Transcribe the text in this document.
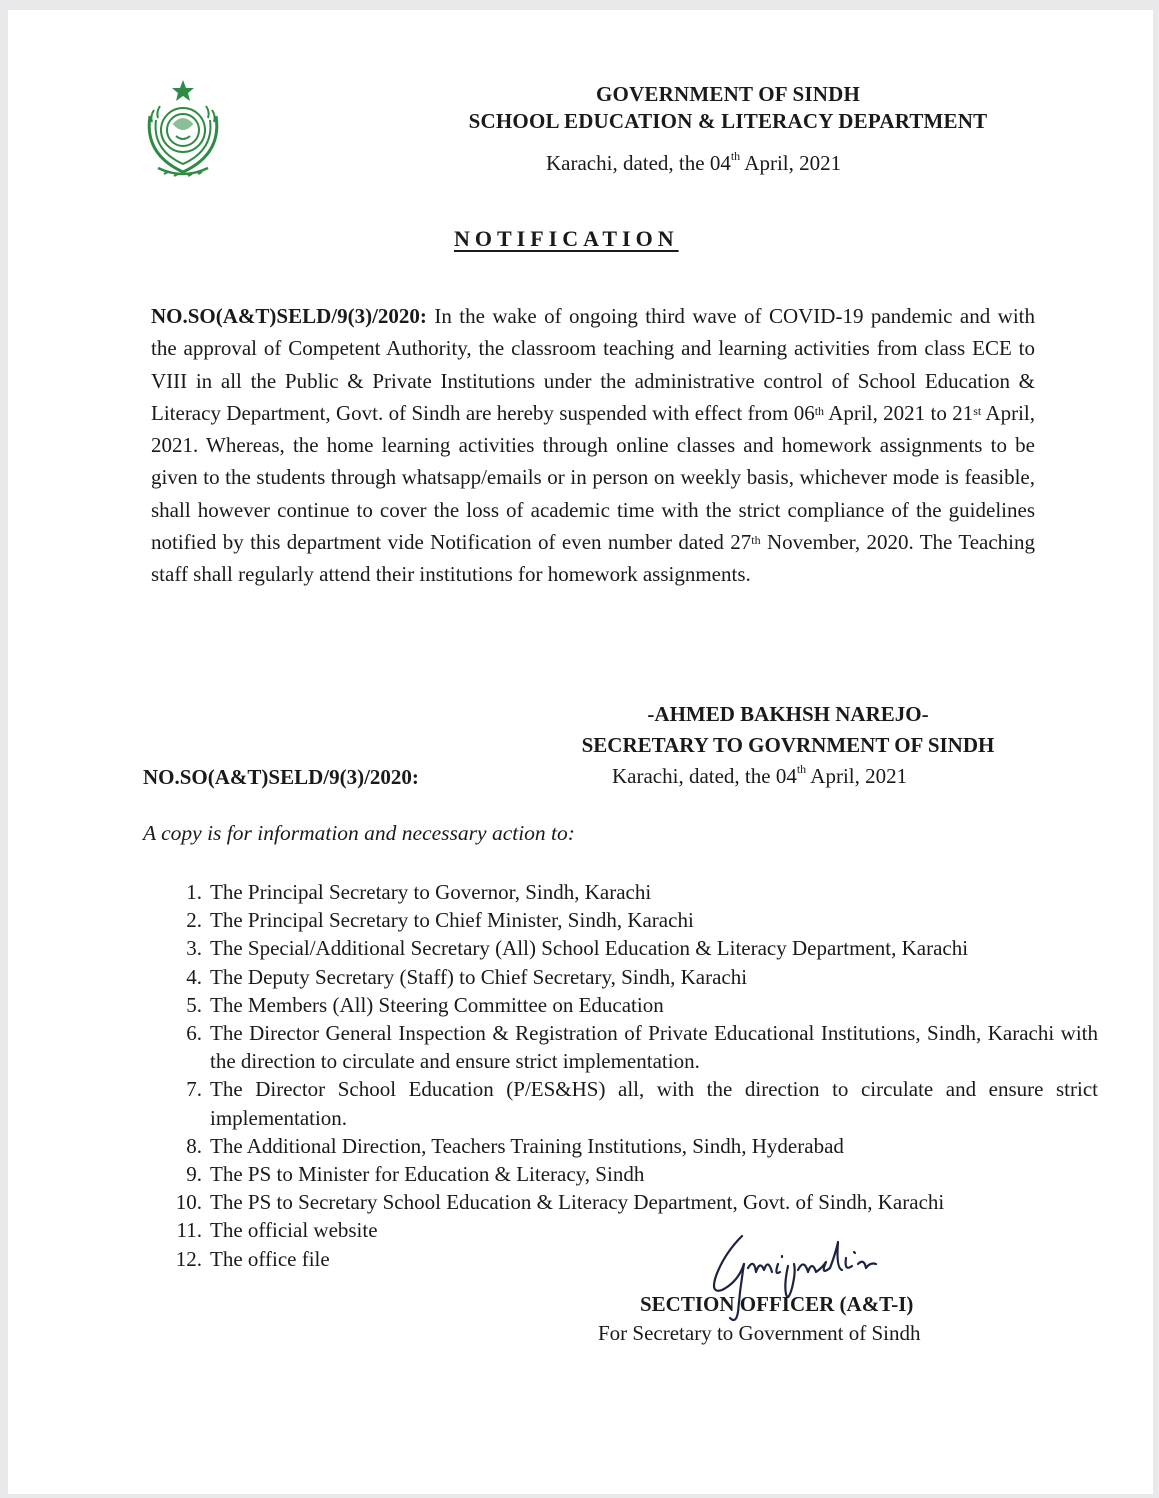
GOVERNMENT OF SINDH
SCHOOL EDUCATION & LITERACY DEPARTMENT
Karachi, dated, the 04th April, 2021
NOTIFICATION
NO.SO(A&T)SELD/9(3)/2020: In the wake of ongoing third wave of COVID-19 pandemic and with the approval of Competent Authority, the classroom teaching and learning activities from class ECE to VIII in all the Public & Private Institutions under the administrative control of School Education & Literacy Department, Govt. of Sindh are hereby suspended with effect from 06th April, 2021 to 21st April, 2021. Whereas, the home learning activities through online classes and homework assignments to be given to the students through whatsapp/emails or in person on weekly basis, whichever mode is feasible, shall however continue to cover the loss of academic time with the strict compliance of the guidelines notified by this department vide Notification of even number dated 27th November, 2020. The Teaching staff shall regularly attend their institutions for homework assignments.
-AHMED BAKHSH NAREJO-
SECRETARY TO GOVRNMENT OF SINDH
NO.SO(A&T)SELD/9(3)/2020:	Karachi, dated, the 04th April, 2021
A copy is for information and necessary action to:
1. The Principal Secretary to Governor, Sindh, Karachi
2. The Principal Secretary to Chief Minister, Sindh, Karachi
3. The Special/Additional Secretary (All) School Education & Literacy Department, Karachi
4. The Deputy Secretary (Staff) to Chief Secretary, Sindh, Karachi
5. The Members (All) Steering Committee on Education
6. The Director General Inspection & Registration of Private Educational Institutions, Sindh, Karachi with the direction to circulate and ensure strict implementation.
7. The Director School Education (P/ES&HS) all, with the direction to circulate and ensure strict implementation.
8. The Additional Direction, Teachers Training Institutions, Sindh, Hyderabad
9. The PS to Minister for Education & Literacy, Sindh
10. The PS to Secretary School Education & Literacy Department, Govt. of Sindh, Karachi
11. The official website
12. The office file
SECTION OFFICER (A&T-I)
For Secretary to Government of Sindh
